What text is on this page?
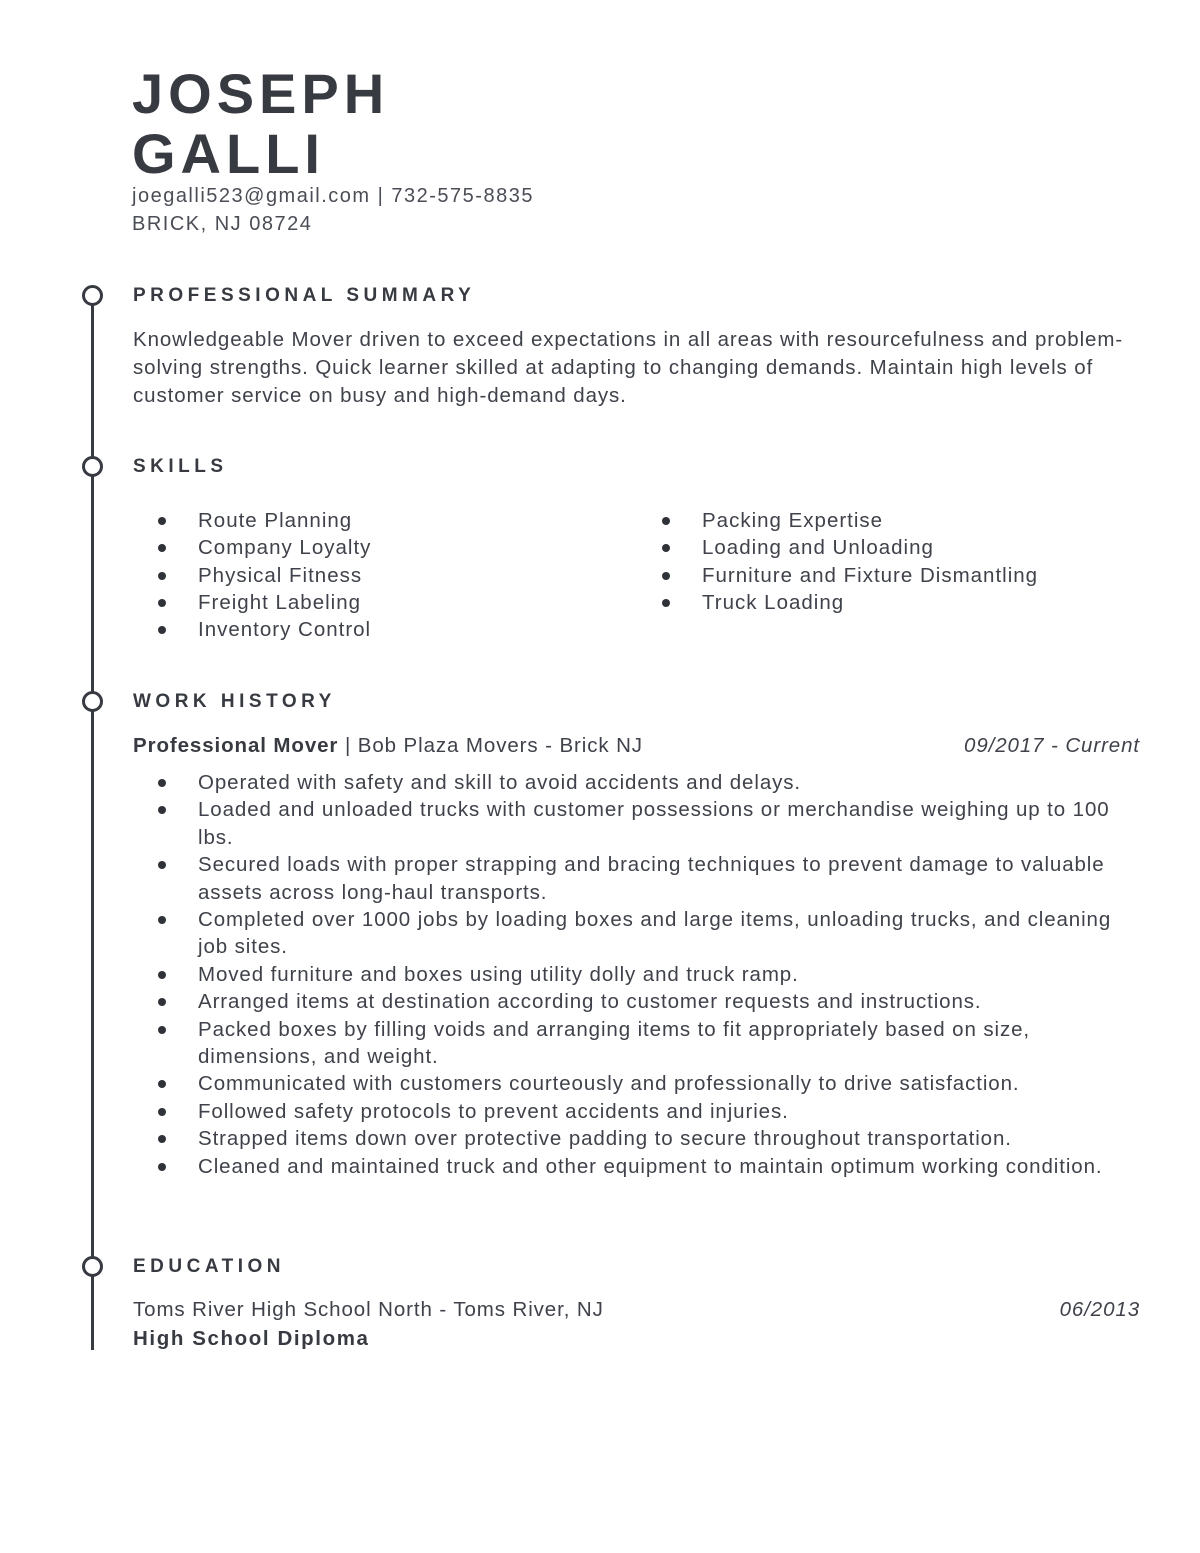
JOSEPH
GALLI
joegalli523@gmail.com | 732-575-8835
BRICK, NJ 08724
PROFESSIONAL SUMMARY
Knowledgeable Mover driven to exceed expectations in all areas with resourcefulness and problem-solving strengths. Quick learner skilled at adapting to changing demands. Maintain high levels of customer service on busy and high-demand days.
SKILLS
Route Planning
Company Loyalty
Physical Fitness
Freight Labeling
Inventory Control
Packing Expertise
Loading and Unloading
Furniture and Fixture Dismantling
Truck Loading
WORK HISTORY
Professional Mover | Bob Plaza Movers - Brick NJ	09/2017 - Current
Operated with safety and skill to avoid accidents and delays.
Loaded and unloaded trucks with customer possessions or merchandise weighing up to 100 lbs.
Secured loads with proper strapping and bracing techniques to prevent damage to valuable assets across long-haul transports.
Completed over 1000 jobs by loading boxes and large items, unloading trucks, and cleaning job sites.
Moved furniture and boxes using utility dolly and truck ramp.
Arranged items at destination according to customer requests and instructions.
Packed boxes by filling voids and arranging items to fit appropriately based on size, dimensions, and weight.
Communicated with customers courteously and professionally to drive satisfaction.
Followed safety protocols to prevent accidents and injuries.
Strapped items down over protective padding to secure throughout transportation.
Cleaned and maintained truck and other equipment to maintain optimum working condition.
EDUCATION
Toms River High School North - Toms River, NJ	06/2013
High School Diploma
